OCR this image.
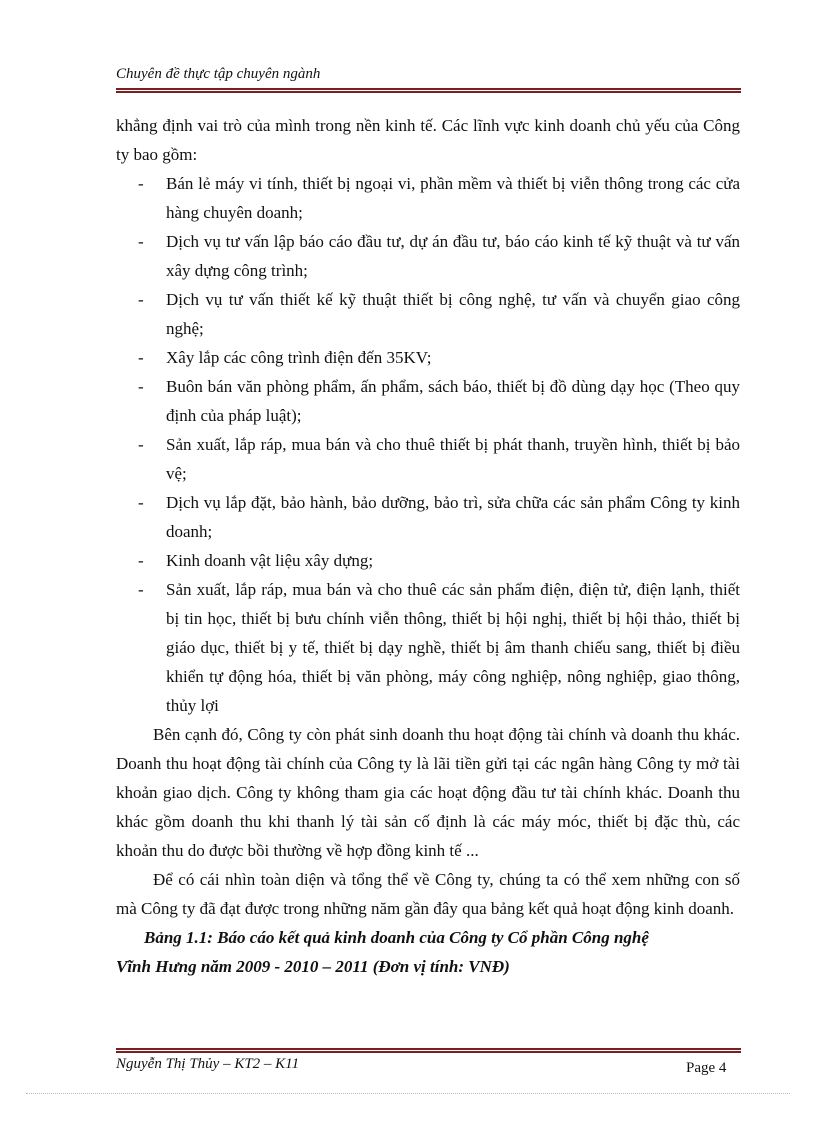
Chuyên đề thực tập chuyên ngành

khẳng định vai trò của mình trong nền kinh tế. Các lĩnh vực kinh doanh chủ yếu của Công ty bao gồm:

- Bán lẻ máy vi tính, thiết bị ngoại vi, phần mềm và thiết bị viễn thông trong các cửa hàng chuyên doanh;
- Dịch vụ tư vấn lập báo cáo đầu tư, dự án đầu tư, báo cáo kinh tế kỹ thuật và tư vấn xây dựng công trình;
- Dịch vụ tư vấn thiết kế kỹ thuật thiết bị công nghệ, tư vấn và chuyển giao công nghệ;
- Xây lắp các công trình điện đến 35KV;
- Buôn bán văn phòng phẩm, ấn phẩm, sách báo, thiết bị đồ dùng dạy học (Theo quy định của pháp luật);
- Sản xuất, lắp ráp, mua bán và cho thuê thiết bị phát thanh, truyền hình, thiết bị bảo vệ;
- Dịch vụ lắp đặt, bảo hành, bảo dưỡng, bảo trì, sửa chữa các sản phẩm Công ty kinh doanh;
- Kinh doanh vật liệu xây dựng;
- Sản xuất, lắp ráp, mua bán và cho thuê các sản phẩm điện, điện tử, điện lạnh, thiết bị tin học, thiết bị bưu chính viễn thông, thiết bị hội nghị, thiết bị hội thảo, thiết bị giáo dục, thiết bị y tế, thiết bị dạy nghề, thiết bị âm thanh chiếu sang, thiết bị điều khiển tự động hóa, thiết bị văn phòng, máy công nghiệp, nông nghiệp, giao thông, thủy lợi

Bên cạnh đó, Công ty còn phát sinh doanh thu hoạt động tài chính và doanh thu khác. Doanh thu hoạt động tài chính của Công ty là lãi tiền gửi tại các ngân hàng Công ty mở tài khoản giao dịch. Công ty không tham gia các hoạt động đầu tư tài chính khác. Doanh thu khác gồm doanh thu khi thanh lý tài sản cố định là các máy móc, thiết bị đặc thù, các khoản thu do được bồi thường về hợp đồng kinh tế ...

Để có cái nhìn toàn diện và tổng thể về Công ty, chúng ta có thể xem những con số mà Công ty đã đạt được trong những năm gần đây qua bảng kết quả hoạt động kinh doanh.

Bảng 1.1: Báo cáo kết quả kinh doanh của Công ty Cổ phần Công nghệ
Vĩnh Hưng năm 2009 - 2010 – 2011 (Đơn vị tính: VNĐ)

Nguyễn Thị Thủy – KT2 – K11	Page 4
